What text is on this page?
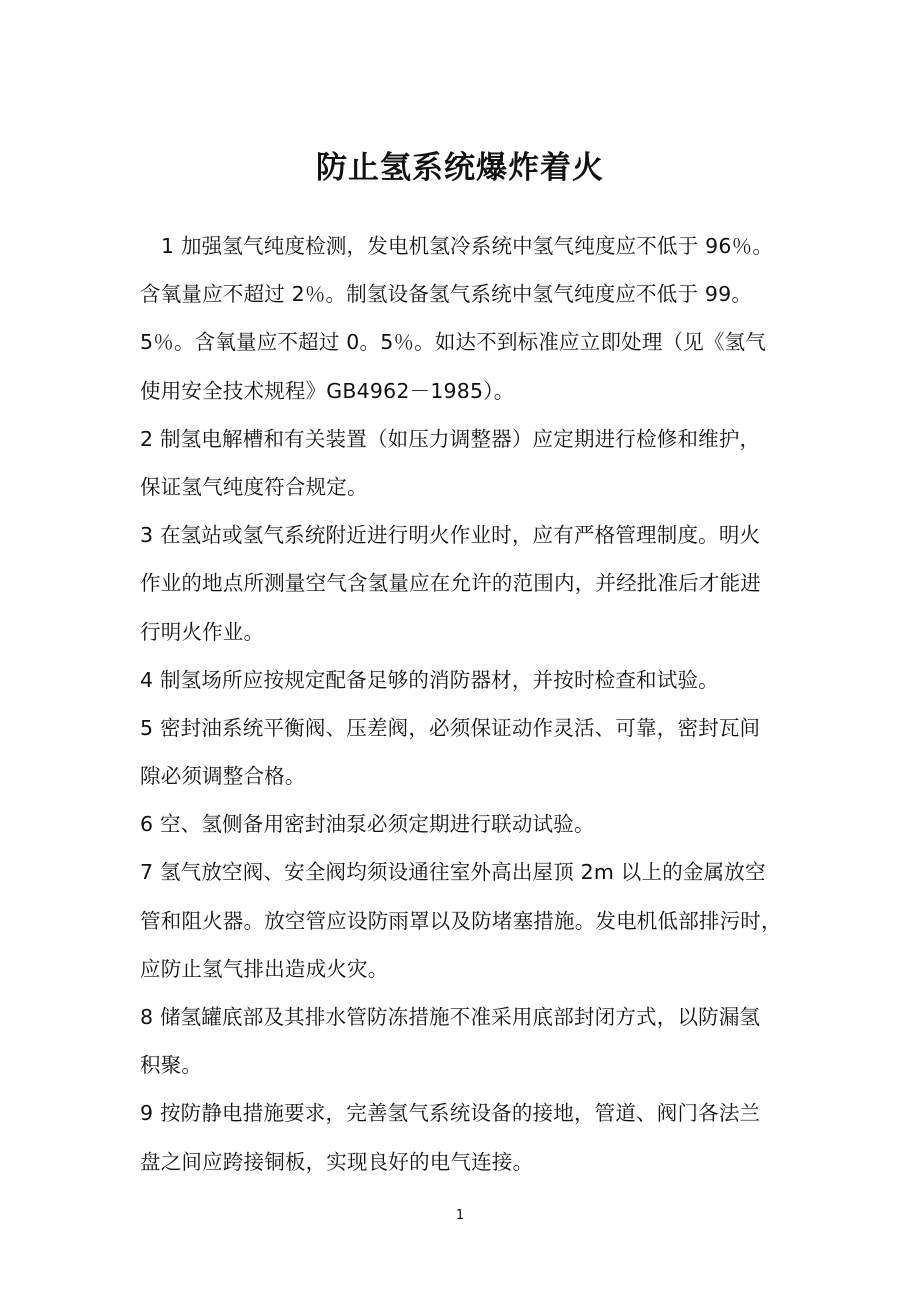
防止氢系统爆炸着火
1 加强氢气纯度检测，发电机氢冷系统中氢气纯度应不低于 96％。
含氧量应不超过 2％。制氢设备氢气系统中氢气纯度应不低于 99。
5％。含氧量应不超过 0。5％。如达不到标准应立即处理（见《氢气
使用安全技术规程》GB4962－1985）。
2 制氢电解槽和有关装置（如压力调整器）应定期进行检修和维护，
保证氢气纯度符合规定。
3 在氢站或氢气系统附近进行明火作业时，应有严格管理制度。明火
作业的地点所测量空气含氢量应在允许的范围内，并经批准后才能进
行明火作业。
4 制氢场所应按规定配备足够的消防器材，并按时检查和试验。
5 密封油系统平衡阀、压差阀，必须保证动作灵活、可靠，密封瓦间
隙必须调整合格。
6 空、氢侧备用密封油泵必须定期进行联动试验。
7 氢气放空阀、安全阀均须设通往室外高出屋顶 2m 以上的金属放空
管和阻火器。放空管应设防雨罩以及防堵塞措施。发电机低部排污时，
应防止氢气排出造成火灾。
8 储氢罐底部及其排水管防冻措施不准采用底部封闭方式，以防漏氢
积聚。
9 按防静电措施要求，完善氢气系统设备的接地，管道、阀门各法兰
盘之间应跨接铜板，实现良好的电气连接。
1
